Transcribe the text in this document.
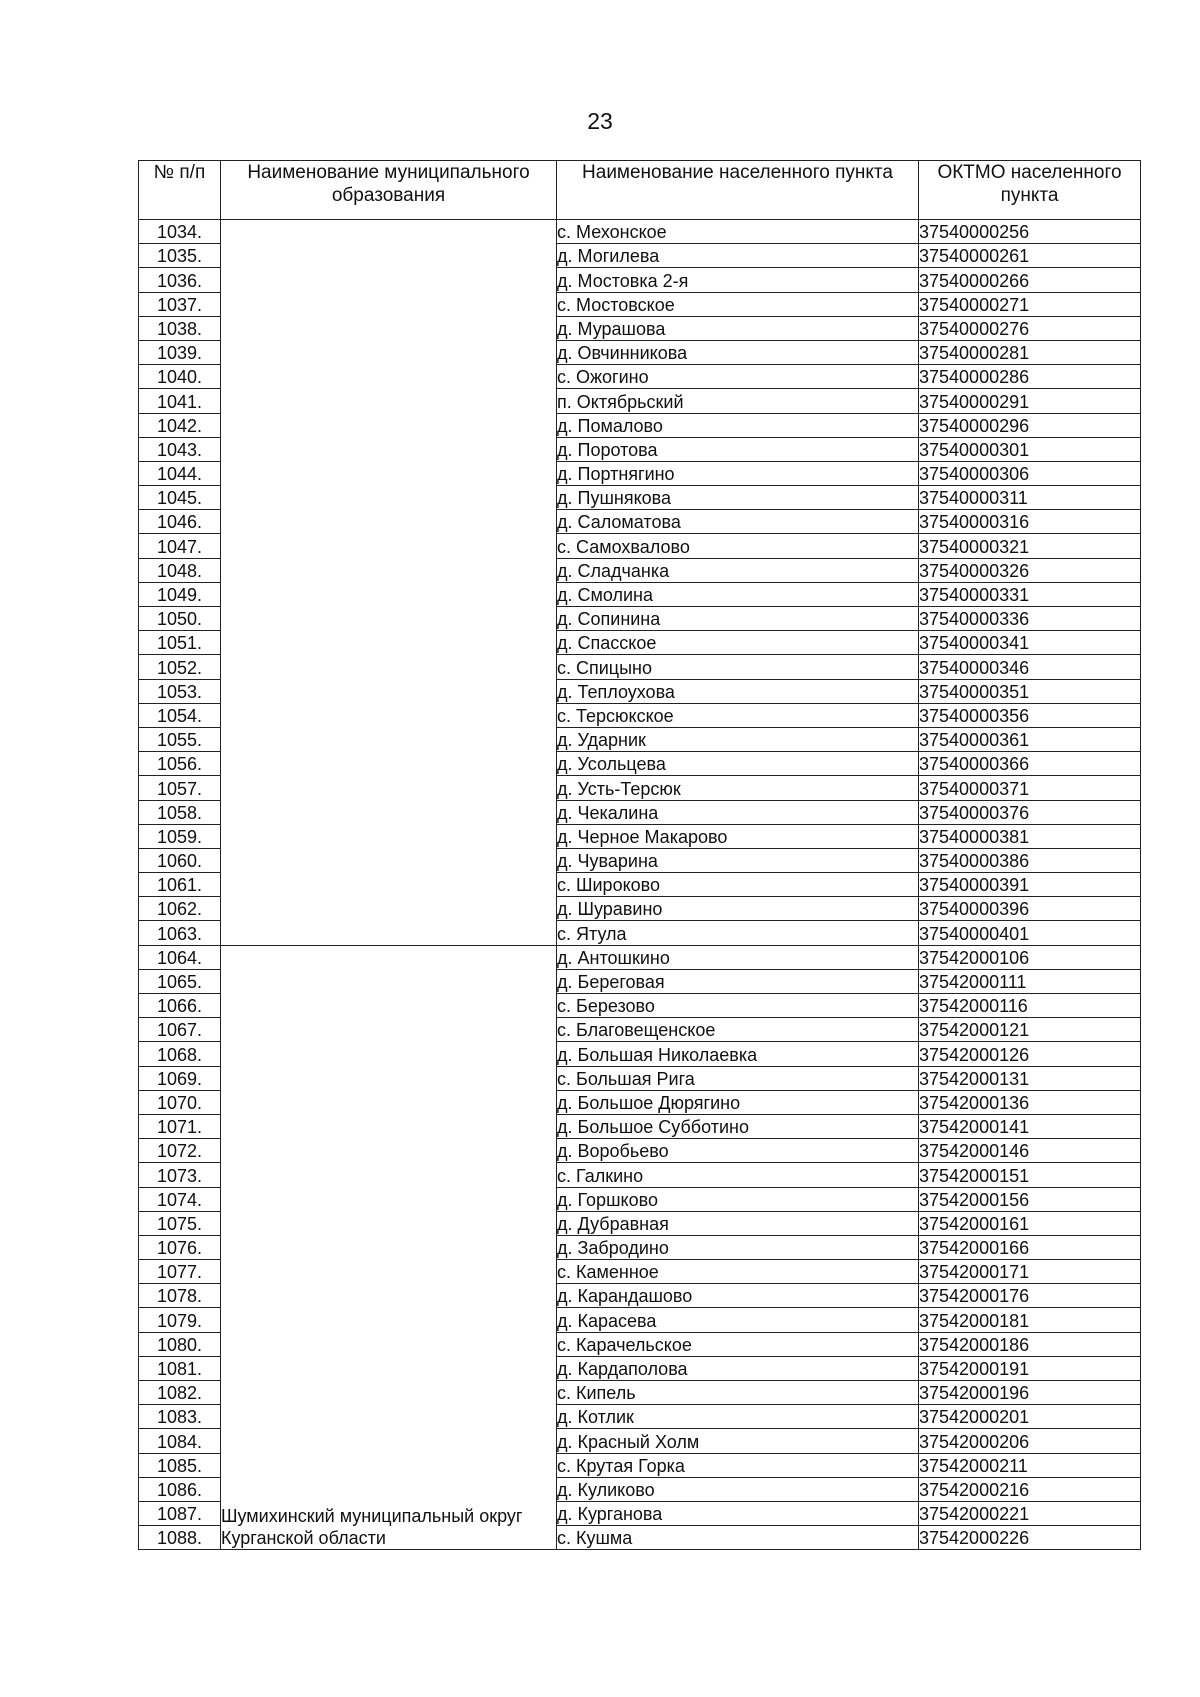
23
№ п/п	Наименование муниципального образования	Наименование населенного пункта	ОКТМО населенного пункта
1034.		с. Мехонское	37540000256
1035.		д. Могилева	37540000261
1036.		д. Мостовка 2-я	37540000266
1037.		с. Мостовское	37540000271
1038.		д. Мурашова	37540000276
1039.		д. Овчинникова	37540000281
1040.		с. Ожогино	37540000286
1041.		п. Октябрьский	37540000291
1042.		д. Помалово	37540000296
1043.		д. Поротова	37540000301
1044.		д. Портнягино	37540000306
1045.		д. Пушнякова	37540000311
1046.		д. Саломатова	37540000316
1047.		с. Самохвалово	37540000321
1048.		д. Сладчанка	37540000326
1049.		д. Смолина	37540000331
1050.		д. Сопинина	37540000336
1051.		д. Спасское	37540000341
1052.		с. Спицыно	37540000346
1053.		д. Теплоухова	37540000351
1054.		с. Терсюкское	37540000356
1055.		д. Ударник	37540000361
1056.		д. Усольцева	37540000366
1057.		д. Усть-Терсюк	37540000371
1058.		д. Чекалина	37540000376
1059.		д. Черное Макарово	37540000381
1060.		д. Чуварина	37540000386
1061.		с. Широково	37540000391
1062.		д. Шуравино	37540000396
1063.		с. Ятула	37540000401
1064.	Шумихинский муниципальный округ Курганской области	д. Антошкино	37542000106
1065.		д. Береговая	37542000111
1066.		с. Березово	37542000116
1067.		с. Благовещенское	37542000121
1068.		д. Большая Николаевка	37542000126
1069.		с. Большая Рига	37542000131
1070.		д. Большое Дюрягино	37542000136
1071.		д. Большое Субботино	37542000141
1072.		д. Воробьево	37542000146
1073.		с. Галкино	37542000151
1074.		д. Горшково	37542000156
1075.		д. Дубравная	37542000161
1076.		д. Забродино	37542000166
1077.		с. Каменное	37542000171
1078.		д. Карандашово	37542000176
1079.		д. Карасева	37542000181
1080.		с. Карачельское	37542000186
1081.		д. Кардаполова	37542000191
1082.		с. Кипель	37542000196
1083.		д. Котлик	37542000201
1084.		д. Красный Холм	37542000206
1085.		с. Крутая Горка	37542000211
1086.		д. Куликово	37542000216
1087.		д. Курганова	37542000221
1088.		с. Кушма	37542000226
